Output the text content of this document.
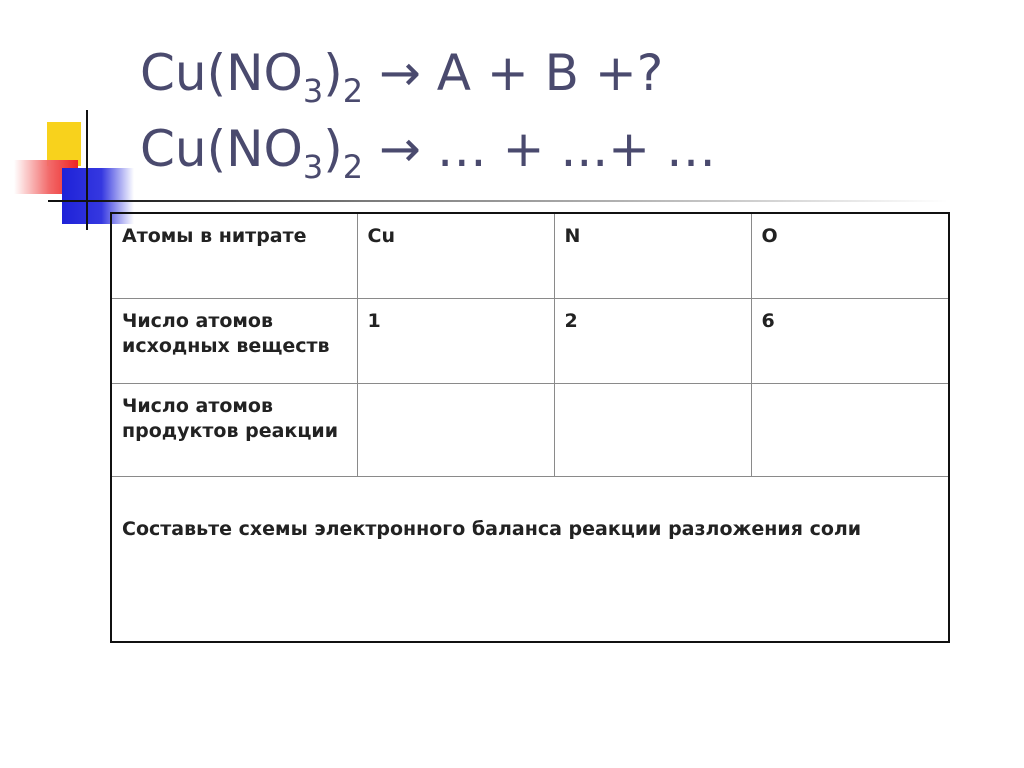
$Cu(NO_3)_2 \to A + B$ +?
$Cu(NO_3)_2$ → … + ...+ …
Атомы в нитрате	Cu	N	O
Число атомов исходных веществ	1	2	6
Число атомов продуктов реакции			
Составьте схемы электронного баланса реакции разложения соли			
